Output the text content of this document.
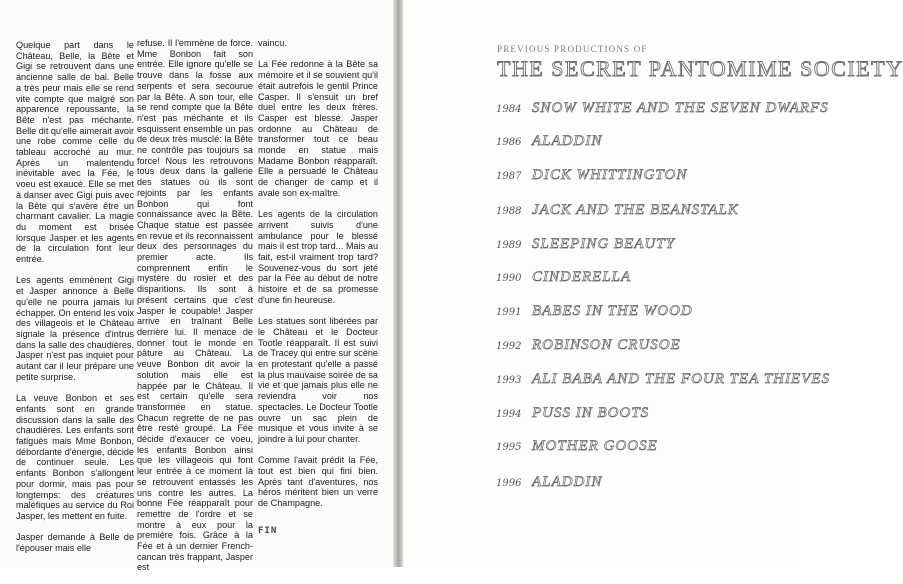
Quelque part dans le Château, Belle, la Bête et Gigi se retrouvent dans une ancienne salle de bal. Belle a très peur mais elle se rend vite compte que malgré son apparence repoussante, la Bête n'est pas méchante. Belle dit qu'elle aimerait avoir une robe comme celle du tableau accroché au mur. Après un malentendu inévitable avec la Fée, le voeu est exaucé. Elle se met à danser avec Gigi puis avec la Bête qui s'avère être un charmant cavalier. La magie du moment est brisée lorsque Jasper et les agents de la circulation font leur entrée.

Les agents emmènent Gigi et Jasper annonce à Belle qu'elle ne pourra jamais lui échapper. On entend les voix des villageois et le Château signale la présence d'intrus dans la salle des chaudières. Jasper n'est pas inquiet pour autant car il leur prépare une petite surprise.

La veuve Bonbon et ses enfants sont en grande discussion dans la salle des chaudières. Les enfants sont fatigués mais Mme Bonbon, débordante d'énergie, décide de continuer seule. Les enfants Bonbon s'allongent pour dormir, mais pas pour longtemps: des créatures maléfiques au service du Roi Jasper, les mettent en fuite.

Jasper demande à Belle de l'épouser mais elle

refuse. Il l'emmène de force. Mme Bonbon fait son entrée. Elle ignore qu'elle se trouve dans la fosse aux serpents et sera secourue par la Bête. A son tour, elle se rend compte que la Bête n'est pas méchante et ils esquissent ensemble un pas de deux très musclé: la Bête ne contrôle pas toujours sa force! Nous les retrouvons tous deux dans la gallerie des statues où ils sont rejoints par les enfants Bonbon qui font connaissance avec la Bête. Chaque statue est passée en revue et ils reconnaissent deux des personnages du premier acte. Ils comprennent enfin le mystère du rosier et des disparitions. Ils sont à présent certains que c'est Jasper le coupable! Jasper arrive en traînant Belle derrière lui. Il menace de donner tout le monde en pâture au Château. La veuve Bonbon dit avoir la solution mais elle est happée par le Château. Il est certain qu'elle sera transformée en statue. Chacun regrette de ne pas être resté groupé. La Fée décide d'exaucer ce voeu, les enfants Bonbon ainsi que les villageois qui font leur entrée à ce moment là se retrouvent entassés les uns contre les autres. La bonne Fée réapparaît pour remettre de l'ordre et se montre à eux pour la première fois. Grâce à la Fée et à un dernier French-cancan très frappant, Jasper est

vaincu.

La Fée redonne à la Bête sa mémoire et il se souvient qu'il était autrefois le gentil Prince Casper. Il s'ensuit un bref duel entre les deux frères. Casper est blessé. Jasper ordonne au Château de transformer tout ce beau monde en statue mais Madame Bonbon réapparaît. Elle a persuadé le Château de changer de camp et il avale son ex-maître.

Les agents de la circulation arrivent suivis d'une ambulance pour le blessé mais il est trop tard... Mais au fait, est-il vraiment trop tard? Souvenez-vous du sort jeté par la Fée au début de notre histoire et de sa promesse d'une fin heureuse.

Les statues sont libérées par le Château et le Docteur Tootle réapparaît. Il est suivi de Tracey qui entre sur scène en protestant qu'elle a passé la plus mauvaise soirée de sa vie et que jamais plus elle ne reviendra voir nos spectacles. Le Docteur Tootle ouvre un sac plein de musique et vous invite à se joindre à lui pour chanter.

Comme l'avait prédit la Fée, tout est bien qui fini bien. Après tant d'aventures, nos héros méritent bien un verre de Champagne.

FIN
PREVIOUS PRODUCTIONS OF
THE SECRET PANTOMIME SOCIETY
1984 SNOW WHITE AND THE SEVEN DWARFS
1986 ALADDIN
1987 DICK WHITTINGTON
1988 JACK AND THE BEANSTALK
1989 SLEEPING BEAUTY
1990 CINDERELLA
1991 BABES IN THE WOOD
1992 ROBINSON CRUSOE
1993 ALI BABA AND THE FOUR TEA THIEVES
1994 PUSS IN BOOTS
1995 MOTHER GOOSE
1996 ALADDIN
